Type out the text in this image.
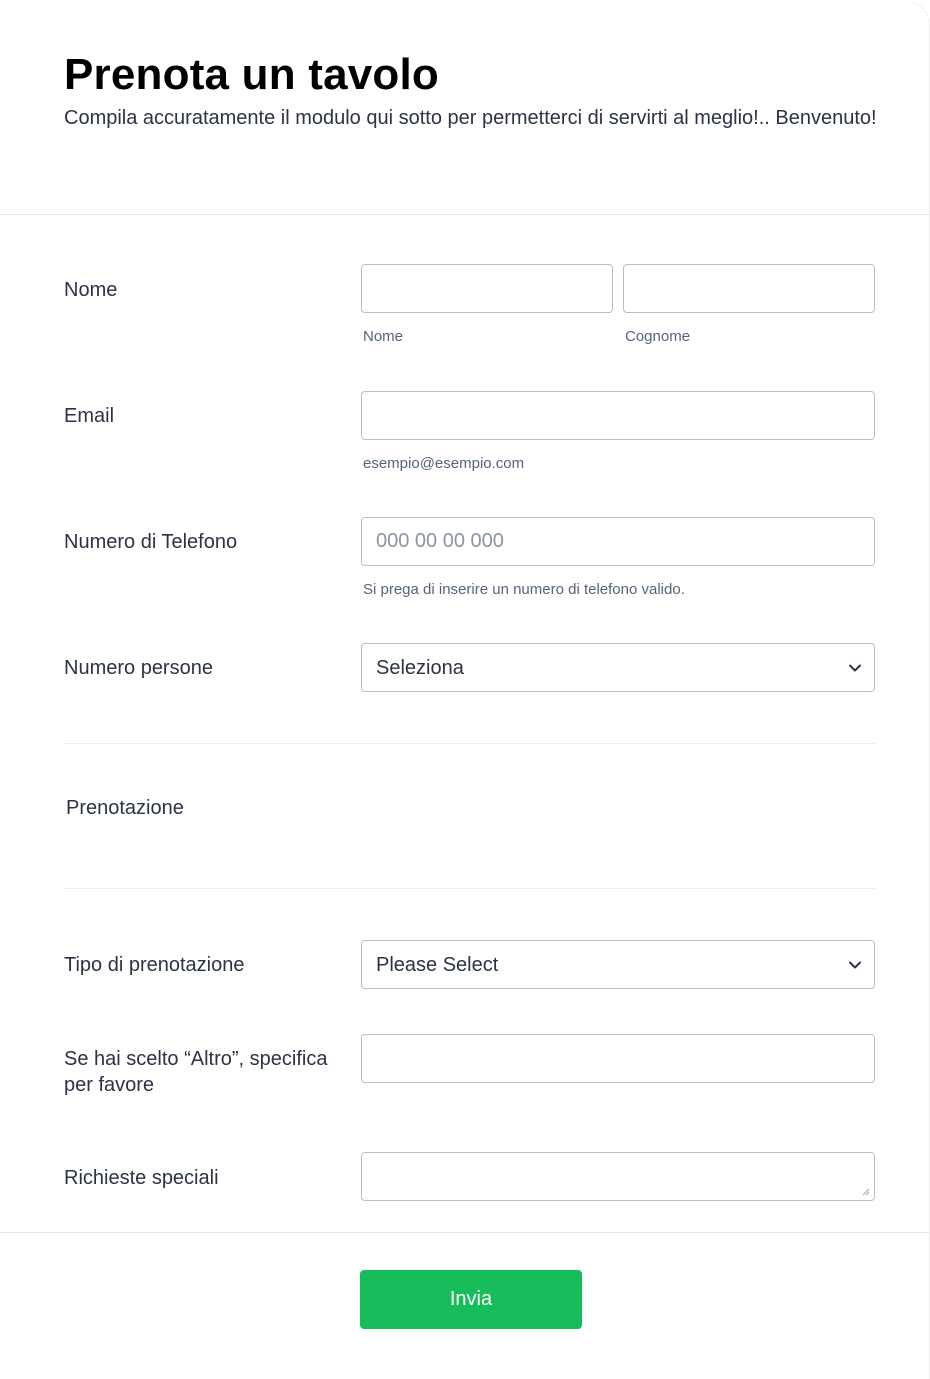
Prenota un tavolo

Compila accuratamente il modulo qui sotto per permetterci di servirti al meglio!.. Benvenuto!

Nome
Nome	Cognome
Email
esempio@esempio.com
Numero di Telefono
000 00 00 000
Si prega di inserire un numero di telefono valido.
Numero persone	Seleziona
Prenotazione
Tipo di prenotazione	Please Select
Se hai scelto “Altro”, specifica per favore
Richieste speciali
Invia
